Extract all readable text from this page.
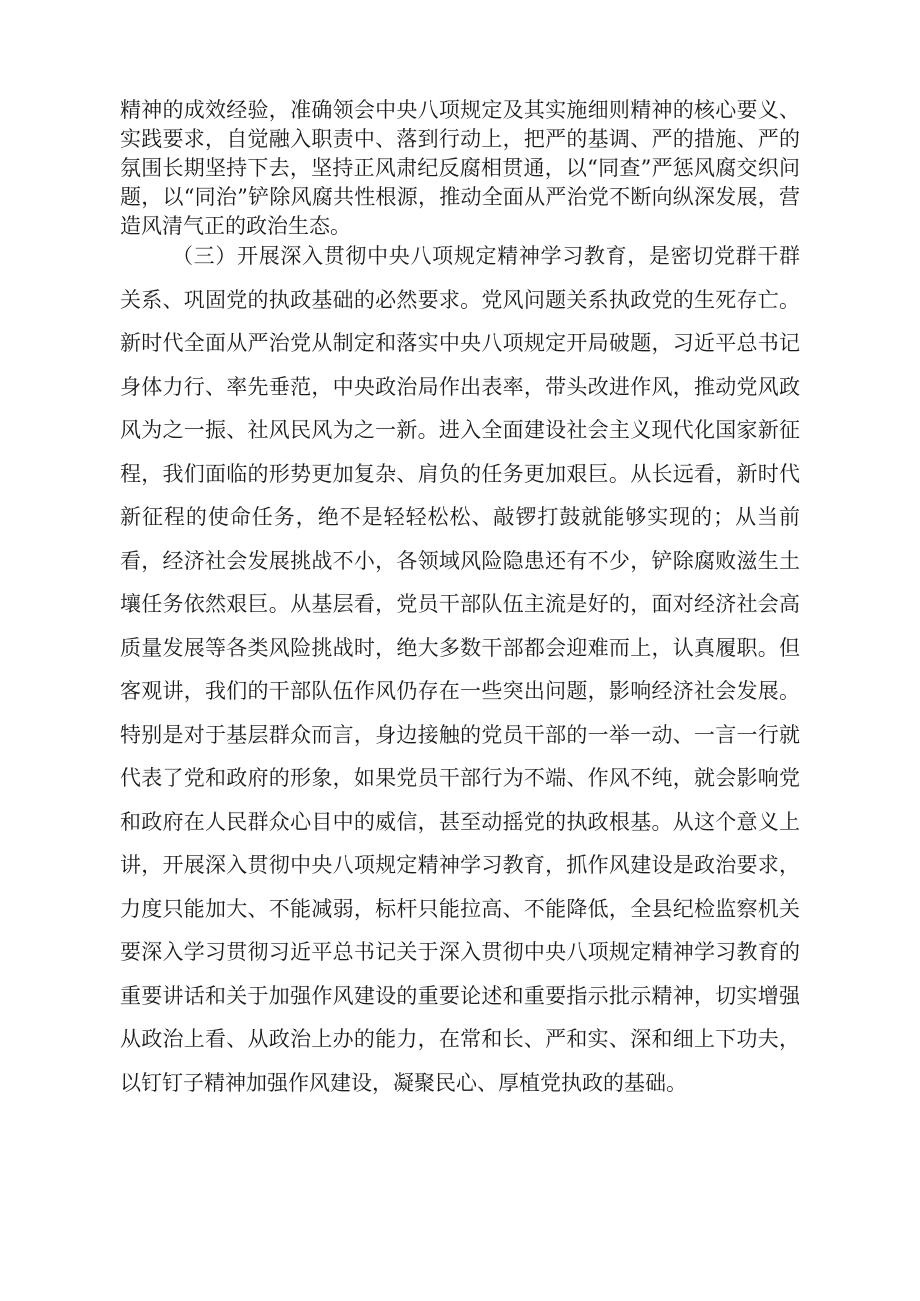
精神的成效经验，准确领会中央八项规定及其实施细则精神的核心要义、实践要求，自觉融入职责中、落到行动上，把严的基调、严的措施、严的氛围长期坚持下去，坚持正风肃纪反腐相贯通，以“同查”严惩风腐交织问题，以“同治”铲除风腐共性根源，推动全面从严治党不断向纵深发展，营造风清气正的政治生态。

（三）开展深入贯彻中央八项规定精神学习教育，是密切党群干群关系、巩固党的执政基础的必然要求。党风问题关系执政党的生死存亡。新时代全面从严治党从制定和落实中央八项规定开局破题，习近平总书记身体力行、率先垂范，中央政治局作出表率，带头改进作风，推动党风政风为之一振、社风民风为之一新。进入全面建设社会主义现代化国家新征程，我们面临的形势更加复杂、肩负的任务更加艰巨。从长远看，新时代新征程的使命任务，绝不是轻轻松松、敲锣打鼓就能够实现的；从当前看，经济社会发展挑战不小，各领域风险隐患还有不少，铲除腐败滋生土壤任务依然艰巨。从基层看，党员干部队伍主流是好的，面对经济社会高质量发展等各类风险挑战时，绝大多数干部都会迎难而上，认真履职。但客观讲，我们的干部队伍作风仍存在一些突出问题，影响经济社会发展。特别是对于基层群众而言，身边接触的党员干部的一举一动、一言一行就代表了党和政府的形象，如果党员干部行为不端、作风不纯，就会影响党和政府在人民群众心目中的威信，甚至动摇党的执政根基。从这个意义上讲，开展深入贯彻中央八项规定精神学习教育，抓作风建设是政治要求，力度只能加大、不能减弱，标杆只能拉高、不能降低，全县纪检监察机关要深入学习贯彻习近平总书记关于深入贯彻中央八项规定精神学习教育的重要讲话和关于加强作风建设的重要论述和重要指示批示精神，切实增强从政治上看、从政治上办的能力，在常和长、严和实、深和细上下功夫，以钉钉子精神加强作风建设，凝聚民心、厚植党执政的基础。
